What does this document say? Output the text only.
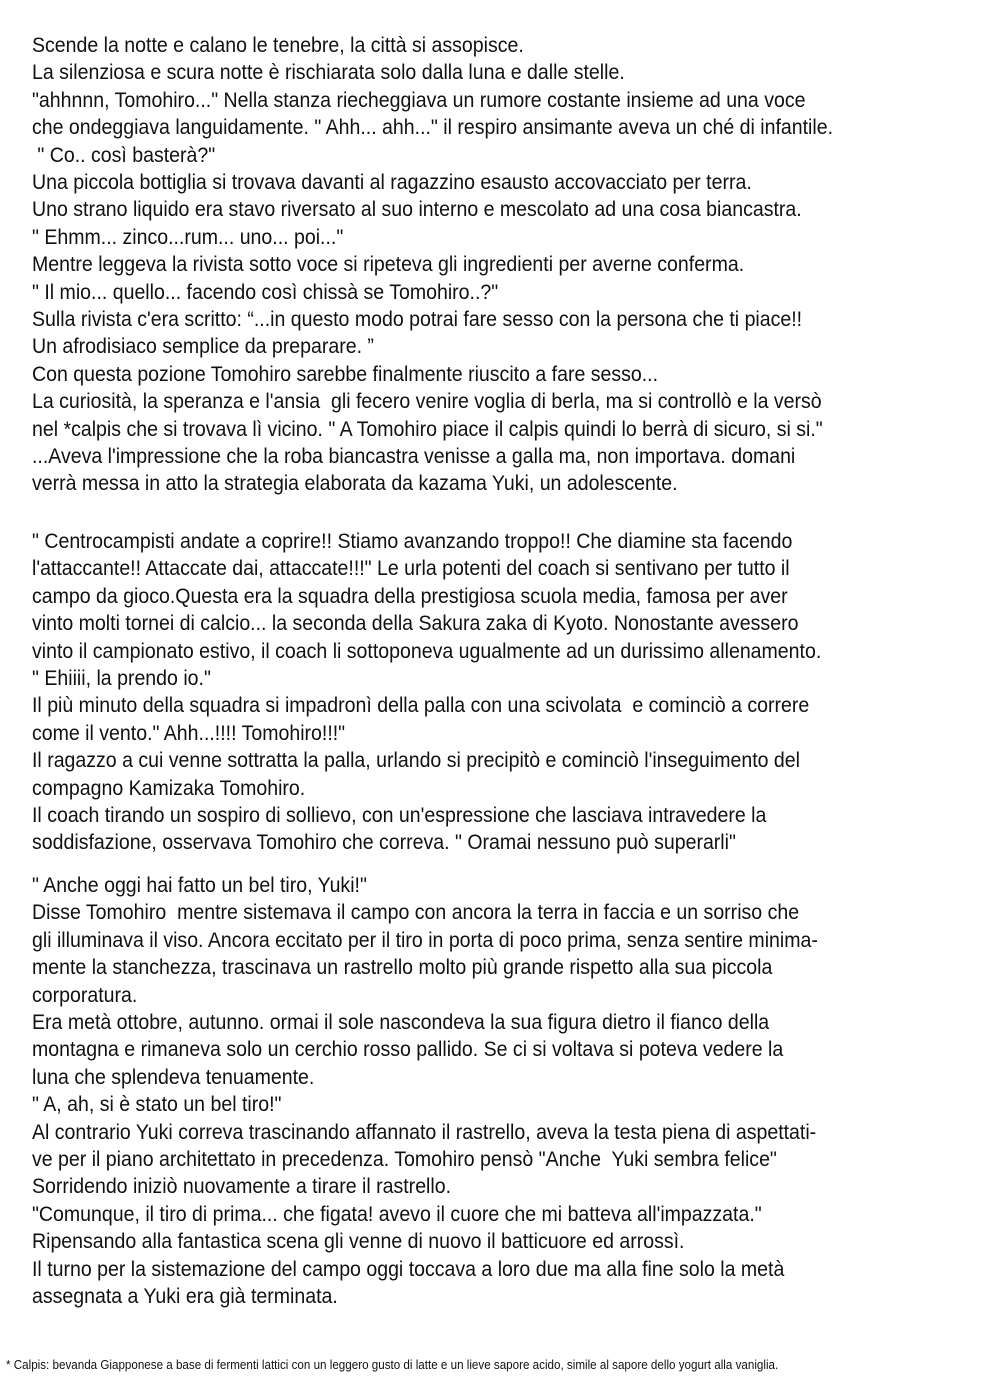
Scende la notte e calano le tenebre, la città si assopisce.
La silenziosa e scura notte è rischiarata solo dalla luna e dalle stelle.
"ahhnnn, Tomohiro..." Nella stanza riecheggiava un rumore costante insieme ad una voce
che ondeggiava languidamente. " Ahh... ahh..." il respiro ansimante aveva un ché di infantile.
" Co.. così basterà?"
Una piccola bottiglia si trovava davanti al ragazzino esausto accovacciato per terra.
Uno strano liquido era stavo riversato al suo interno e mescolato ad una cosa biancastra.
" Ehmm... zinco...rum... uno... poi..."
Mentre leggeva la rivista sotto voce si ripeteva gli ingredienti per averne conferma.
" Il mio... quello... facendo così chissà se Tomohiro..?"
Sulla rivista c'era scritto: “...in questo modo potrai fare sesso con la persona che ti piace!!
Un afrodisiaco semplice da preparare. ”
Con questa pozione Tomohiro sarebbe finalmente riuscito a fare sesso...
La curiosità, la speranza e l'ansia  gli fecero venire voglia di berla, ma si controllò e la versò
nel *calpis che si trovava lì vicino. " A Tomohiro piace il calpis quindi lo berrà di sicuro, si si."
...Aveva l'impressione che la roba biancastra venisse a galla ma, non importava. domani
verrà messa in atto la strategia elaborata da kazama Yuki, un adolescente.
" Centrocampisti andate a coprire!! Stiamo avanzando troppo!! Che diamine sta facendo
l'attaccante!! Attaccate dai, attaccate!!!" Le urla potenti del coach si sentivano per tutto il
campo da gioco.Questa era la squadra della prestigiosa scuola media, famosa per aver
vinto molti tornei di calcio... la seconda della Sakura zaka di Kyoto. Nonostante avessero
vinto il campionato estivo, il coach li sottoponeva ugualmente ad un durissimo allenamento.
" Ehiiii, la prendo io."
Il più minuto della squadra si impadronì della palla con una scivolata  e cominciò a correre
come il vento." Ahh...!!!! Tomohiro!!!"
Il ragazzo a cui venne sottratta la palla, urlando si precipitò e cominciò l'inseguimento del
compagno Kamizaka Tomohiro.
Il coach tirando un sospiro di sollievo, con un'espressione che lasciava intravedere la
soddisfazione, osservava Tomohiro che correva. " Oramai nessuno può superarli"
" Anche oggi hai fatto un bel tiro, Yuki!"
Disse Tomohiro  mentre sistemava il campo con ancora la terra in faccia e un sorriso che
gli illuminava il viso. Ancora eccitato per il tiro in porta di poco prima, senza sentire minima-
mente la stanchezza, trascinava un rastrello molto più grande rispetto alla sua piccola
corporatura.
Era metà ottobre, autunno. ormai il sole nascondeva la sua figura dietro il fianco della
montagna e rimaneva solo un cerchio rosso pallido. Se ci si voltava si poteva vedere la
luna che splendeva tenuamente.
" A, ah, si è stato un bel tiro!"
Al contrario Yuki correva trascinando affannato il rastrello, aveva la testa piena di aspettati-
ve per il piano architettato in precedenza. Tomohiro pensò "Anche  Yuki sembra felice"
Sorridendo iniziò nuovamente a tirare il rastrello.
"Comunque, il tiro di prima... che figata! avevo il cuore che mi batteva all'impazzata."
Ripensando alla fantastica scena gli venne di nuovo il batticuore ed arrossì.
Il turno per la sistemazione del campo oggi toccava a loro due ma alla fine solo la metà
assegnata a Yuki era già terminata.
* Calpis: bevanda Giapponese a base di fermenti lattici con un leggero gusto di latte e un lieve sapore acido, simile al sapore dello yogurt alla vaniglia.
